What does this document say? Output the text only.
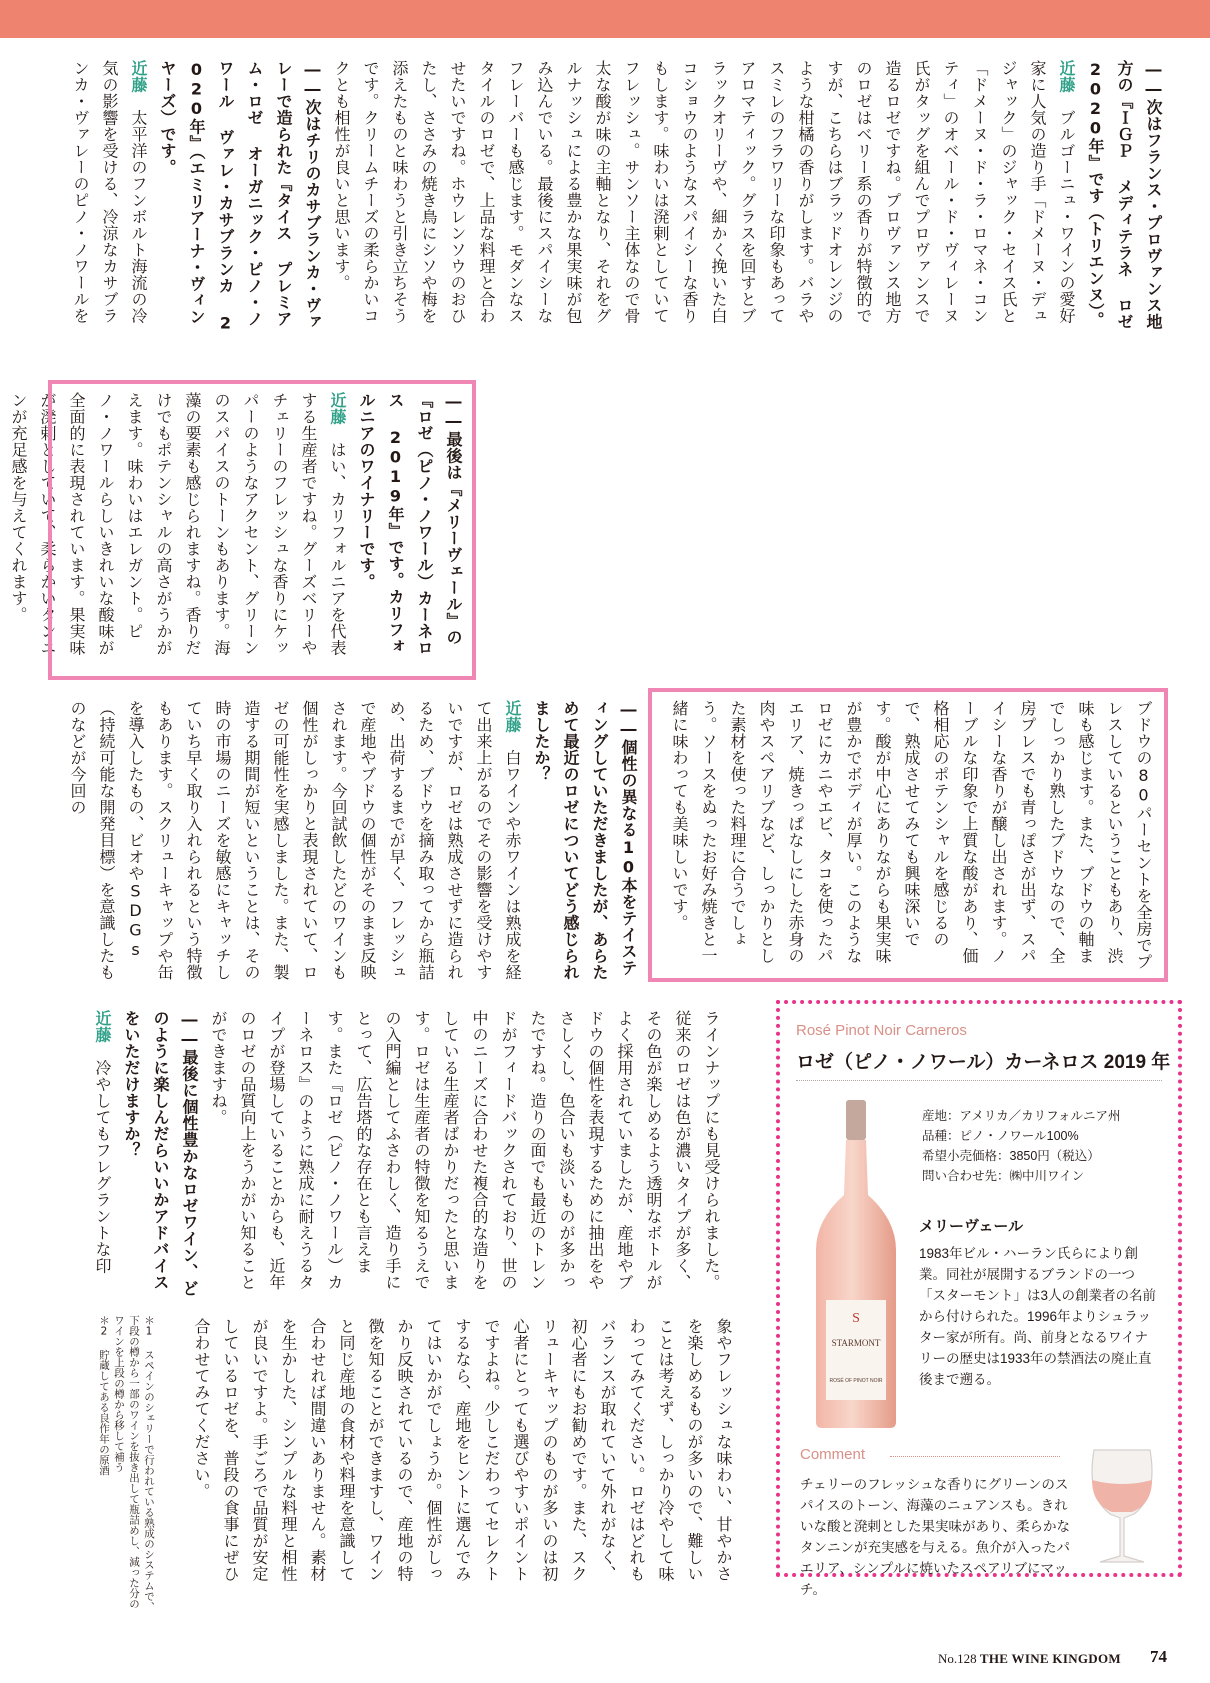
――次はフランス・プロヴァンス地方の『ＩＧＰ メディテラネ ロゼ 2020年』です（トリエンヌ）。

近藤　ブルゴーニュ・ワインの愛好家に人気の造り手「ドメーヌ・デュジャック」のジャック・セイス氏と「ドメーヌ・ド・ラ・ロマネ・コンティ」のオベール・ド・ヴィレーヌ氏がタッグを組んでプロヴァンスで造るロゼですね。プロヴァンス地方のロゼはベリー系の香りが特徴的ですが、こちらはブラッドオレンジのような柑橘の香りがします。バラやスミレのフラワリーな印象もあってアロマティック。グラスを回すとブラックオリーヴや、細かく挽いた白コショウのようなスパイシーな香りもします。味わいは溌剌としていてフレッシュ。サンソー主体なので骨太な酸が味の主軸となり、それをグルナッシュによる豊かな果実味が包み込んでいる。最後にスパイシーなフレーバーも感じます。モダンなスタイルのロゼで、上品な料理と合わせたいですね。ホウレンソウのおひたし、ささみの焼き鳥にシソや梅を添えたものと味わうと引き立ちそうです。クリームチーズの柔らかいコクとも相性が良いと思います。

――次はチリのカサブランカ・ヴァレーで造られた『タイス プレミアム・ロゼ オーガニック・ピノ・ノワール ヴァレ・カサブランカ 2020年』（エミリアーナ・ヴィンヤーズ）です。

近藤　太平洋のフンボルト海流の冷気の影響を受ける、冷涼なカサブランカ・ヴァレーのピノ・ノワールを

――最後は『メリーヴェール』の『ロゼ（ピノ・ノワール）カーネロス 2019年』です。カリフォルニアのワイナリーです。

近藤　はい、カリフォルニアを代表する生産者ですね。グーズベリーやチェリーのフレッシュな香りにケッパーのようなアクセント、グリーンのスパイスのトーンもあります。海藻の要素も感じられますね。香りだけでもポテンシャルの高さがうかがえます。味わいはエレガント。ピノ・ノワールらしいきれいな酸味が全面的に表現されています。果実味が溌剌としていて、柔らかいタンニンが充足感を与えてくれます。

ブドウの80パーセントを全房でプレスしているということもあり、渋味も感じます。また、ブドウの軸までしっかり熟したブドウなので、全房プレスでも青っぽさが出ず、スパイシーな香りが醸し出されます。ノーブルな印象で上質な酸があり、価格相応のポテンシャルを感じるので、熟成させてみても興味深いです。酸が中心にありながらも果実味が豊かでボディが厚い。このようなロゼにカニやエビ、タコを使ったパエリア、焼きっぱなしにした赤身の肉やスペアリブなど、しっかりとした素材を使った料理に合うでしょう。ソースをぬったお好み焼きと一緒に味わっても美味しいです。

――個性の異なる10本をテイスティングしていただきましたが、あらためて最近のロゼについてどう感じられましたか？

近藤　白ワインや赤ワインは熟成を経て出来上がるのでその影響を受けやすいですが、ロゼは熟成させずに造られるため、ブドウを摘み取ってから瓶詰め、出荷するまでが早く、フレッシュで産地やブドウの個性がそのまま反映されます。今回試飲したどのワインも個性がしっかりと表現されていて、ロゼの可能性を実感しました。また、製造する期間が短いということは、その時の市場のニーズを敏感にキャッチしていち早く取り入れられるという特徴もあります。スクリューキャップや缶を導入したもの、ビオやSDGs（持続可能な開発目標）を意識したものなどが今回の

ラインナップにも見受けられました。従来のロゼは色が濃いタイプが多く、その色が楽しめるよう透明なボトルがよく採用されていましたが、産地やブドウの個性を表現するために抽出をやさしくし、色合いも淡いものが多かったですね。造りの面でも最近のトレンドがフィードバックされており、世の中のニーズに合わせた複合的な造りをしている生産者ばかりだったと思います。ロゼは生産者の特徴を知るうえでの入門編としてふさわしく、造り手にとって、広告塔的な存在とも言えます。また『ロゼ（ピノ・ノワール）カーネロス』のように熟成に耐えうるタイプが登場していることからも、近年のロゼの品質向上をうかがい知ることができますね。

――最後に個性豊かなロゼワイン、どのように楽しんだらいいかアドバイスをいただけますか？

近藤　冷やしてもフレグラントな印

象やフレッシュな味わい、甘やかさを楽しめるものが多いので、難しいことは考えず、しっかり冷やして味わってみてください。ロゼはどれもバランスが取れていて外れがなく、初心者にもお勧めです。また、スクリューキャップのものが多いのは初心者にとっても選びやすいポイントですよね。少しこだわってセレクトするなら、産地をヒントに選んでみてはいかがでしょうか。個性がしっかり反映されているので、産地の特徴を知ることができますし、ワインと同じ産地の食材や料理を意識して合わせれば間違いありません。素材を生かした、シンプルな料理と相性が良いですよ。手ごろで品質が安定しているロゼを、普段の食事にぜひ合わせてみてください。

＊1 スペインのシェリーで行われている熟成のシステムで、下段の樽から一部のワインを抜き出して瓶詰めし、減った分のワインを上段の樽から移して補う
＊2 貯蔵してある良作年の原酒
Rosé Pinot Noir Carneros
ロゼ（ピノ・ノワール）カーネロス 2019 年
S
STARMONT
ROSÉ OF PINOT NOIR
産地：アメリカ／カリフォルニア州
品種：ピノ・ノワール100%
希望小売価格：3850円（税込）
問い合わせ先：㈱中川ワイン
メリーヴェール
1983年ビル・ハーラン氏らにより創業。同社が展開するブランドの一つ「スターモント」は3人の創業者の名前から付けられた。1996年よりシュラッター家が所有。尚、前身となるワイナリーの歴史は1933年の禁酒法の廃止直後まで遡る。
Comment
チェリーのフレッシュな香りにグリーンのスパイスのトーン、海藻のニュアンスも。きれいな酸と溌剌とした果実味があり、柔らかなタンニンが充実感を与える。魚介が入ったパエリア、シンプルに焼いたスペアリブにマッチ。
No.128 THE WINE KINGDOM 74
